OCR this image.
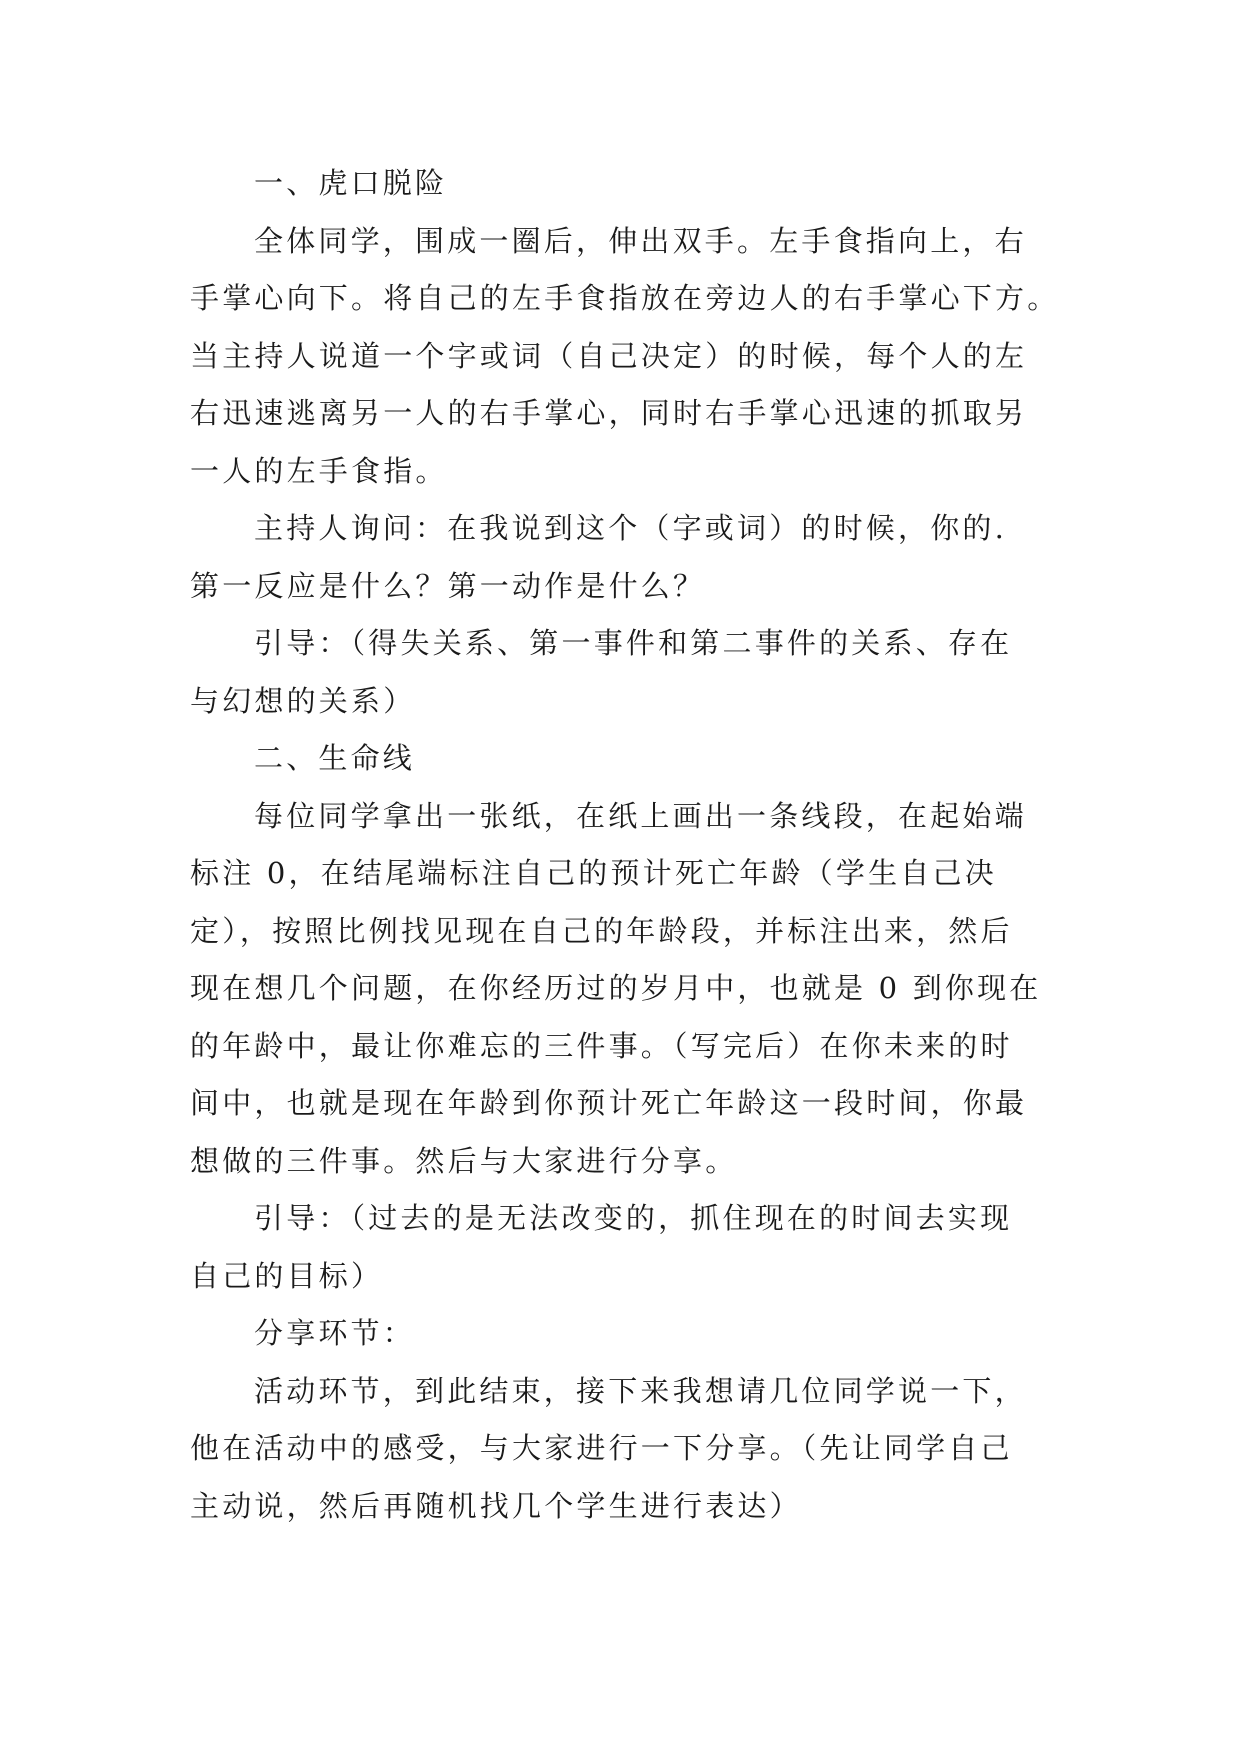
一、虎口脱险
全体同学，围成一圈后，伸出双手。左手食指向上，右
手掌心向下。将自己的左手食指放在旁边人的右手掌心下方。
当主持人说道一个字或词（自己决定）的时候，每个人的左
右迅速逃离另一人的右手掌心，同时右手掌心迅速的抓取另
一人的左手食指。
主持人询问：在我说到这个（字或词）的时候，你的.
第一反应是什么？第一动作是什么？
引导：（得失关系、第一事件和第二事件的关系、存在
与幻想的关系）
二、生命线
每位同学拿出一张纸，在纸上画出一条线段，在起始端
标注 0，在结尾端标注自己的预计死亡年龄（学生自己决
定），按照比例找见现在自己的年龄段，并标注出来，然后
现在想几个问题，在你经历过的岁月中，也就是 0 到你现在
的年龄中，最让你难忘的三件事。（写完后）在你未来的时
间中，也就是现在年龄到你预计死亡年龄这一段时间，你最
想做的三件事。然后与大家进行分享。
引导：（过去的是无法改变的，抓住现在的时间去实现
自己的目标）
分享环节：
活动环节，到此结束，接下来我想请几位同学说一下，
他在活动中的感受，与大家进行一下分享。（先让同学自己
主动说，然后再随机找几个学生进行表达）
